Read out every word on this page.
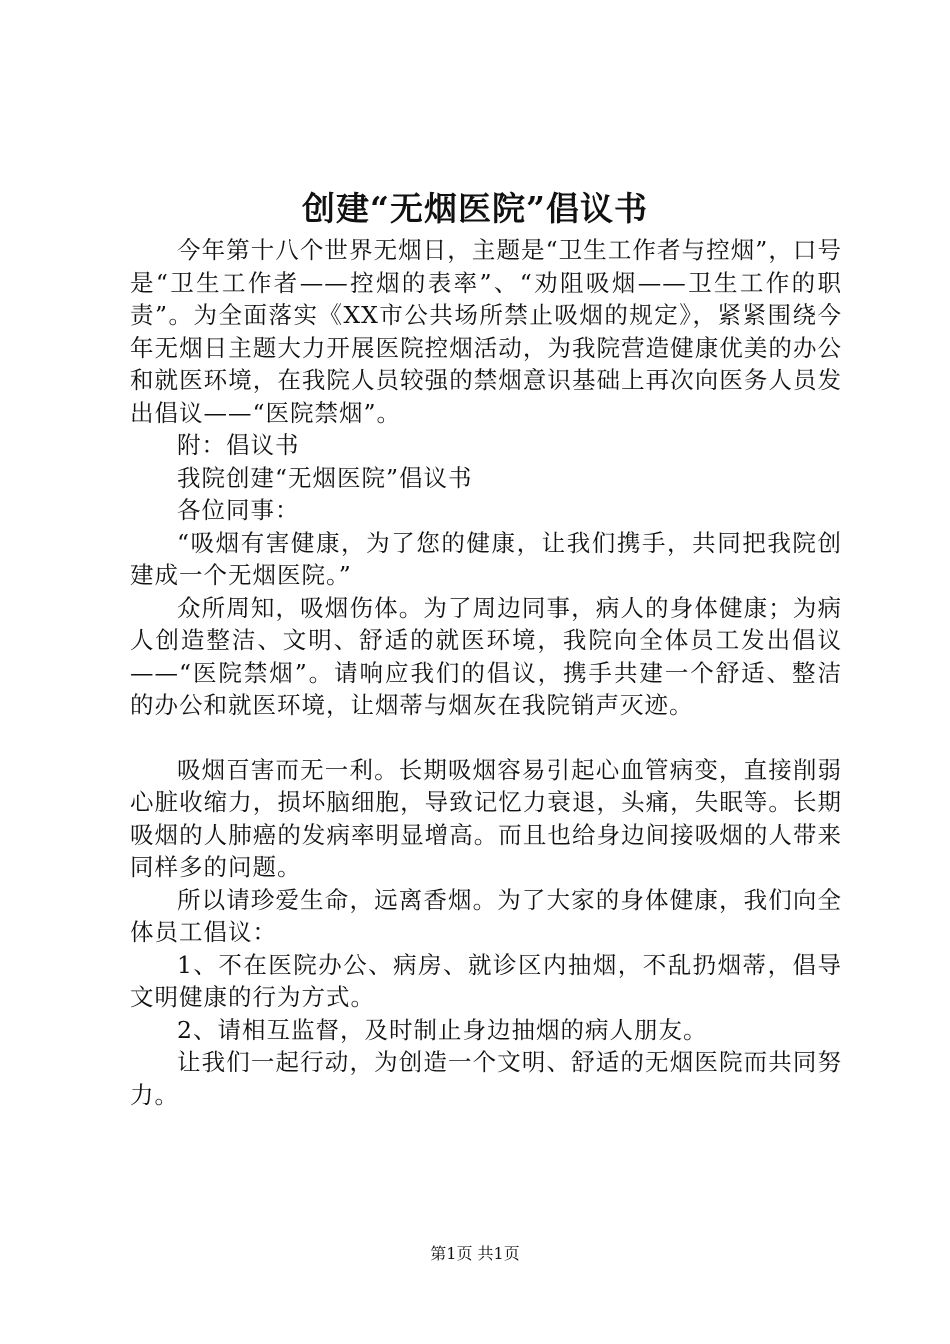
创建“无烟医院”倡议书

今年第十八个世界无烟日，主题是“卫生工作者与控烟”，口号是“卫生工作者——控烟的表率”、“劝阻吸烟——卫生工作的职责”。为全面落实《XX市公共场所禁止吸烟的规定》，紧紧围绕今年无烟日主题大力开展医院控烟活动，为我院营造健康优美的办公和就医环境，在我院人员较强的禁烟意识基础上再次向医务人员发出倡议——“医院禁烟”。

附：倡议书

我院创建“无烟医院”倡议书

各位同事：

“吸烟有害健康，为了您的健康，让我们携手，共同把我院创建成一个无烟医院。”

众所周知，吸烟伤体。为了周边同事，病人的身体健康；为病人创造整洁、文明、舒适的就医环境，我院向全体员工发出倡议——“医院禁烟”。请响应我们的倡议，携手共建一个舒适、整洁的办公和就医环境，让烟蒂与烟灰在我院销声灭迹。

吸烟百害而无一利。长期吸烟容易引起心血管病变，直接削弱心脏收缩力，损坏脑细胞，导致记忆力衰退，头痛，失眠等。长期吸烟的人肺癌的发病率明显增高。而且也给身边间接吸烟的人带来同样多的问题。

所以请珍爱生命，远离香烟。为了大家的身体健康，我们向全体员工倡议：

1、不在医院办公、病房、就诊区内抽烟，不乱扔烟蒂，倡导文明健康的行为方式。

2、请相互监督，及时制止身边抽烟的病人朋友。

让我们一起行动，为创造一个文明、舒适的无烟医院而共同努力。

第1页 共1页
